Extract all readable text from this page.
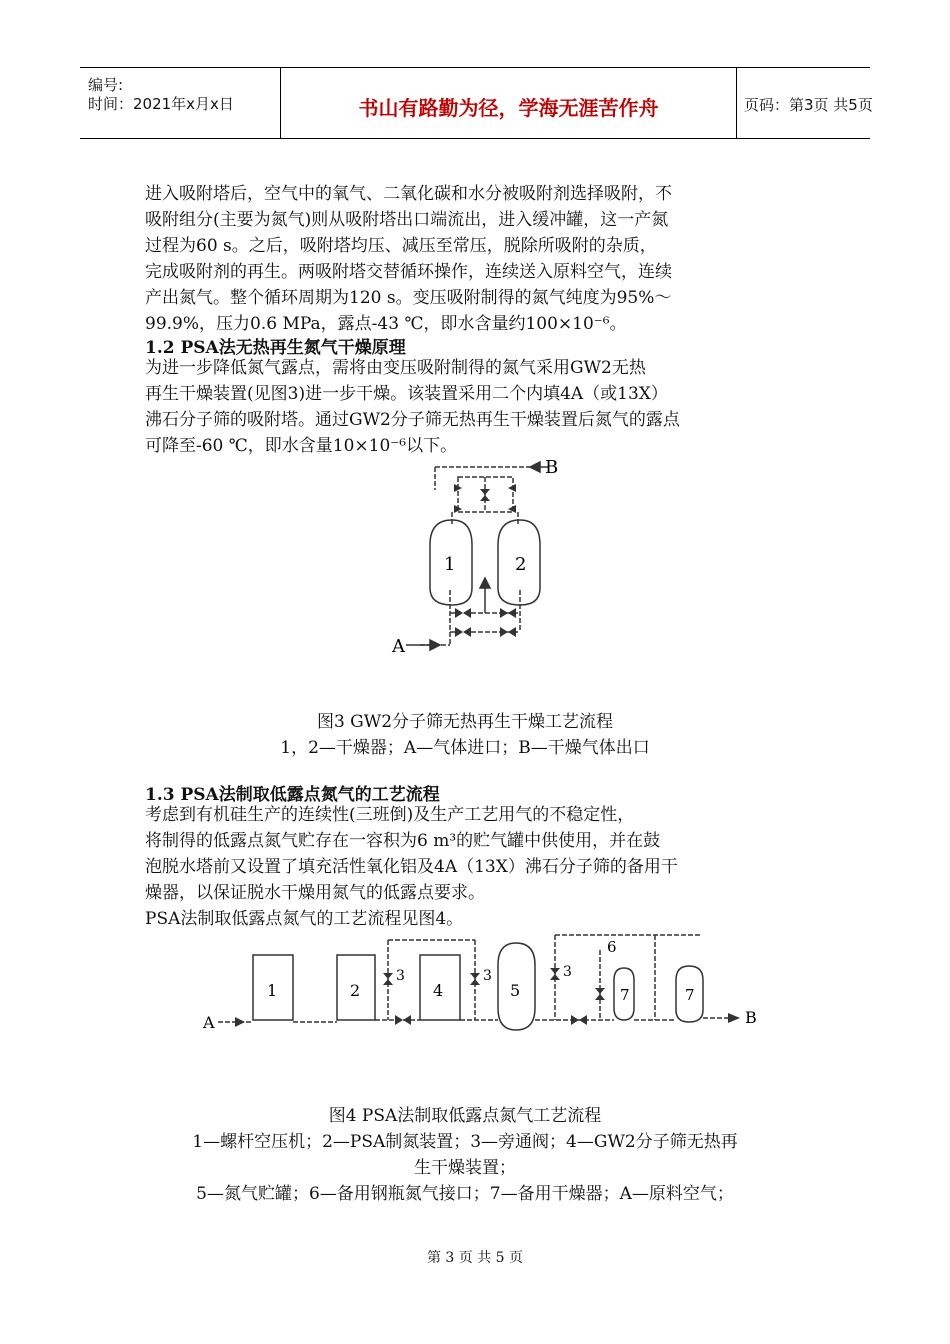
编号:
时间：2021年x月x日	书山有路勤为径，学海无涯苦作舟	页码：第3页 共5页
进入吸附塔后，空气中的氧气、二氧化碳和水分被吸附剂选择吸附，不
吸附组分(主要为氮气)则从吸附塔出口端流出，进入缓冲罐，这一产氮
过程为60 s。之后，吸附塔均压、减压至常压，脱除所吸附的杂质，
完成吸附剂的再生。两吸附塔交替循环操作，连续送入原料空气，连续
产出氮气。整个循环周期为120 s。变压吸附制得的氮气纯度为95%～
99.9%，压力0.6 MPa，露点-43 ℃，即水含量约100×10⁻⁶。
1.2 PSA法无热再生氮气干燥原理
为进一步降低氮气露点，需将由变压吸附制得的氮气采用GW2无热
再生干燥装置(见图3)进一步干燥。该装置采用二个内填4A（或13X）
沸石分子筛的吸附塔。通过GW2分子筛无热再生干燥装置后氮气的露点
可降至-60 ℃，即水含量10×10⁻⁶以下。
1	2
A
B
A	B
1	2
3
4
3
5
3
6
7	7
图3 GW2分子筛无热再生干燥工艺流程
1，2—干燥器；A—气体进口；B—干燥气体出口
1.3 PSA法制取低露点氮气的工艺流程
考虑到有机硅生产的连续性(三班倒)及生产工艺用气的不稳定性，
将制得的低露点氮气贮存在一容积为6 m³的贮气罐中供使用，并在鼓
泡脱水塔前又设置了填充活性氧化铝及4A（13X）沸石分子筛的备用干
燥器，以保证脱水干燥用氮气的低露点要求。
PSA法制取低露点氮气的工艺流程见图4。
图4 PSA法制取低露点氮气工艺流程
1—螺杆空压机；2—PSA制氮装置；3—旁通阀；4—GW2分子筛无热再
生干燥装置；
5—氮气贮罐；6—备用钢瓶氮气接口；7—备用干燥器；A—原料空气；
第 3 页 共 5 页
